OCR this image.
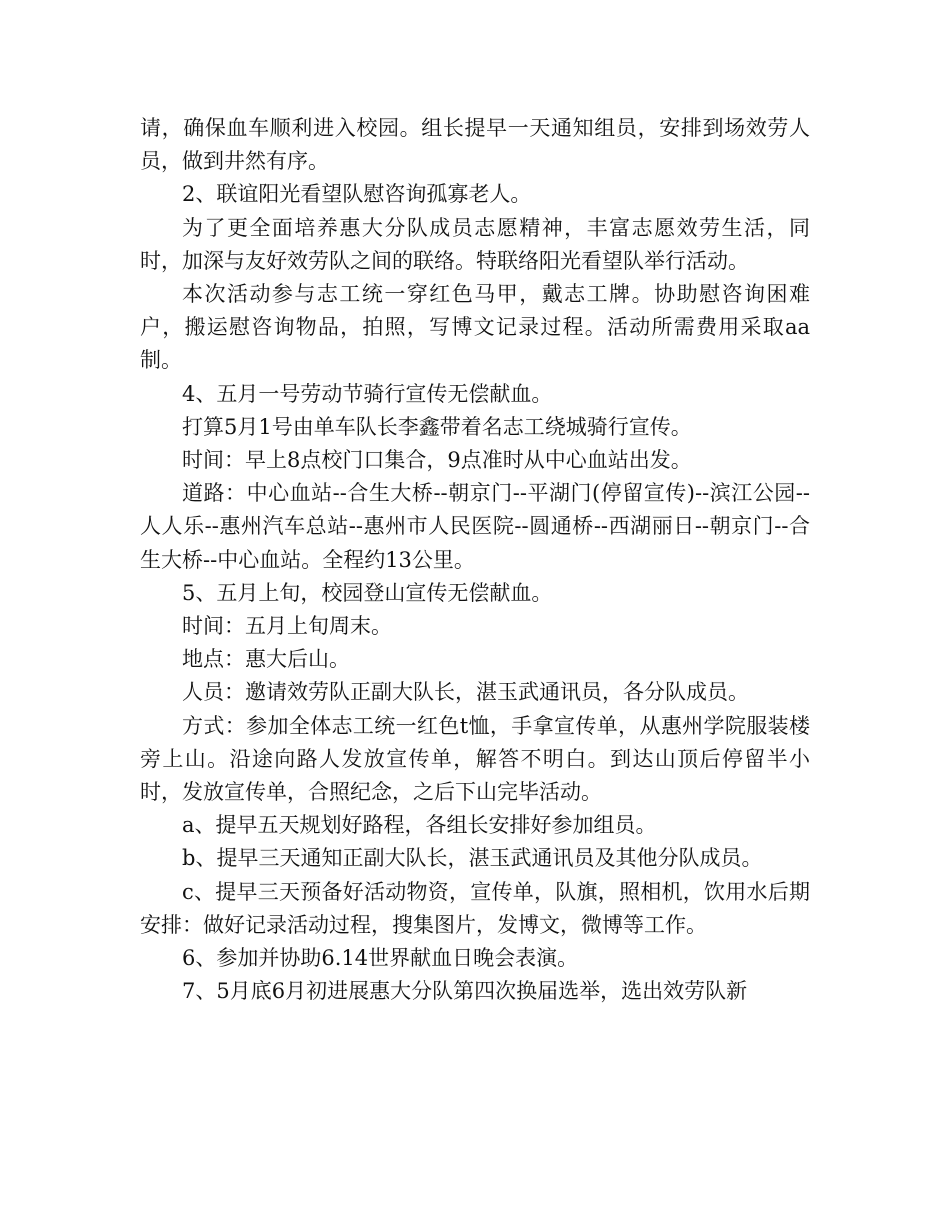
请，确保血车顺利进入校园。组长提早一天通知组员，安排到场效劳人员，做到井然有序。

2、联谊阳光看望队慰咨询孤寡老人。

为了更全面培养惠大分队成员志愿精神，丰富志愿效劳生活，同时，加深与友好效劳队之间的联络。特联络阳光看望队举行活动。

本次活动参与志工统一穿红色马甲，戴志工牌。协助慰咨询困难户，搬运慰咨询物品，拍照，写博文记录过程。活动所需费用采取aa制。

4、五月一号劳动节骑行宣传无偿献血。

打算5月1号由单车队长李鑫带着名志工绕城骑行宣传。

时间：早上8点校门口集合，9点准时从中心血站出发。

道路：中心血站--合生大桥--朝京门--平湖门(停留宣传)--滨江公园--人人乐--惠州汽车总站--惠州市人民医院--圆通桥--西湖丽日--朝京门--合生大桥--中心血站。全程约13公里。

5、五月上旬，校园登山宣传无偿献血。

时间：五月上旬周末。

地点：惠大后山。

人员：邀请效劳队正副大队长，湛玉武通讯员，各分队成员。

方式：参加全体志工统一红色t恤，手拿宣传单，从惠州学院服装楼旁上山。沿途向路人发放宣传单，解答不明白。到达山顶后停留半小时，发放宣传单，合照纪念，之后下山完毕活动。

a、提早五天规划好路程，各组长安排好参加组员。

b、提早三天通知正副大队长，湛玉武通讯员及其他分队成员。

c、提早三天预备好活动物资，宣传单，队旗，照相机，饮用水后期安排：做好记录活动过程，搜集图片，发博文，微博等工作。

6、参加并协助6.14世界献血日晚会表演。

7、5月底6月初进展惠大分队第四次换届选举，选出效劳队新
